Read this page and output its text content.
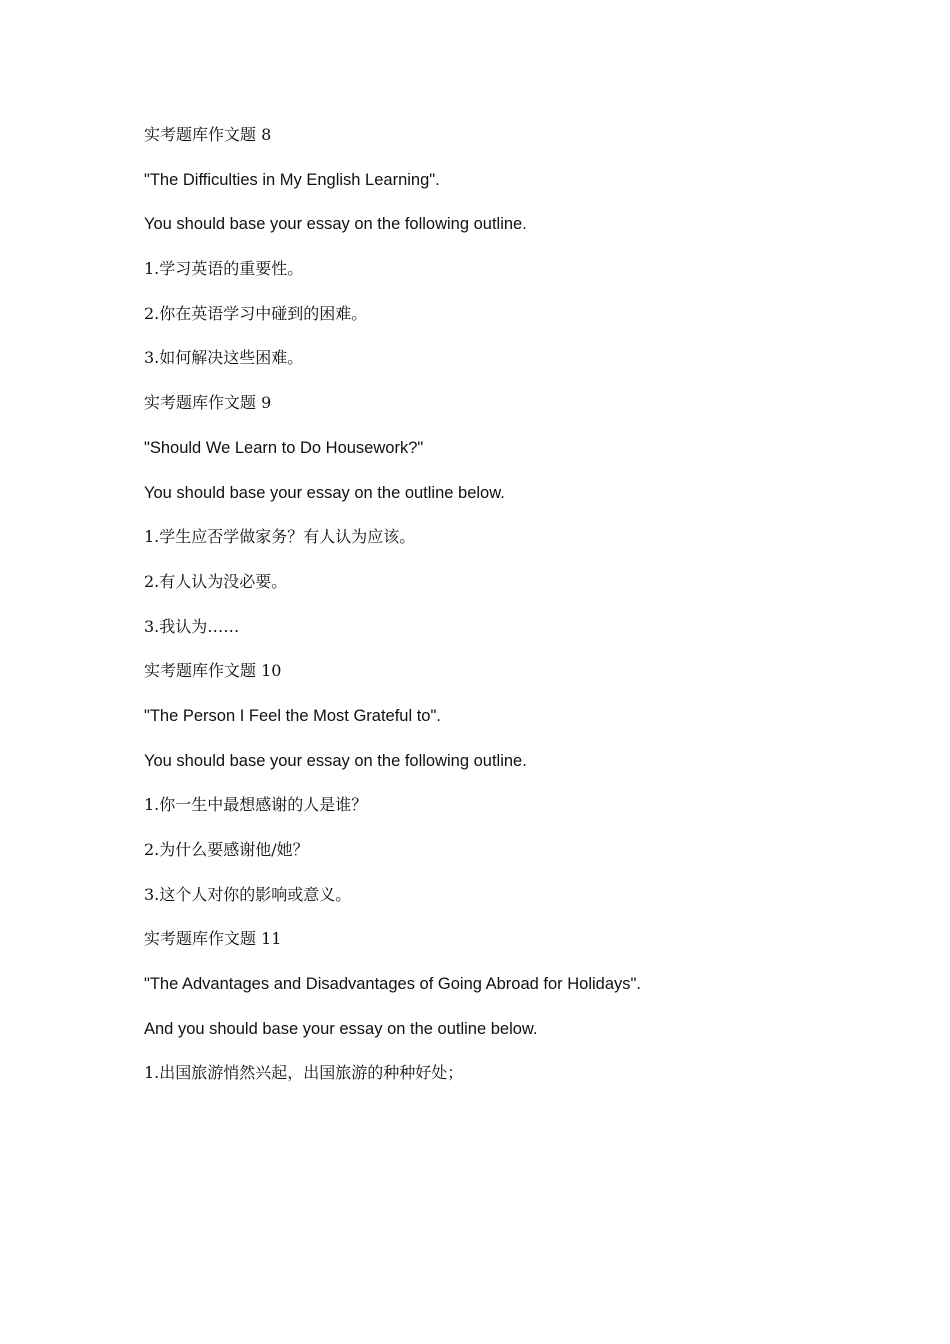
实考题库作文题 8
"The Difficulties in My English Learning".
You should base your essay on the following outline.
1.学习英语的重要性。
2.你在英语学习中碰到的困难。
3.如何解决这些困难。
实考题库作文题 9
"Should We Learn to Do Housework?"
You should base your essay on the outline below.
1.学生应否学做家务？有人认为应该。
2.有人认为没必要。
3.我认为……
实考题库作文题 10
"The Person I Feel the Most Grateful to".
You should base your essay on the following outline.
1.你一生中最想感谢的人是谁？
2.为什么要感谢他/她？
3.这个人对你的影响或意义。
实考题库作文题 11
"The Advantages and Disadvantages of Going Abroad for Holidays".
And you should base your essay on the outline below.
1.出国旅游悄然兴起，出国旅游的种种好处；
